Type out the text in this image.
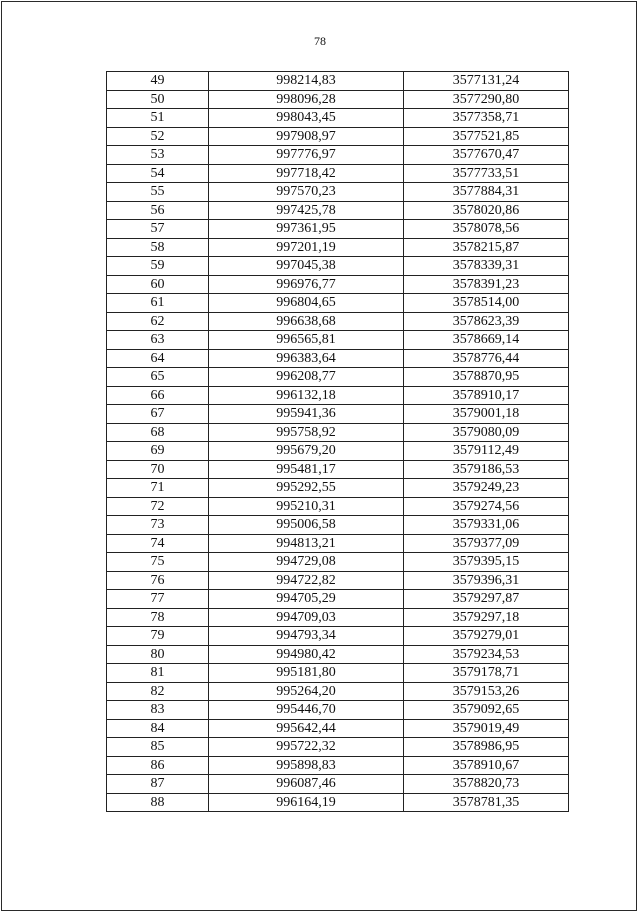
78
49	998214,83	3577131,24
50	998096,28	3577290,80
51	998043,45	3577358,71
52	997908,97	3577521,85
53	997776,97	3577670,47
54	997718,42	3577733,51
55	997570,23	3577884,31
56	997425,78	3578020,86
57	997361,95	3578078,56
58	997201,19	3578215,87
59	997045,38	3578339,31
60	996976,77	3578391,23
61	996804,65	3578514,00
62	996638,68	3578623,39
63	996565,81	3578669,14
64	996383,64	3578776,44
65	996208,77	3578870,95
66	996132,18	3578910,17
67	995941,36	3579001,18
68	995758,92	3579080,09
69	995679,20	3579112,49
70	995481,17	3579186,53
71	995292,55	3579249,23
72	995210,31	3579274,56
73	995006,58	3579331,06
74	994813,21	3579377,09
75	994729,08	3579395,15
76	994722,82	3579396,31
77	994705,29	3579297,87
78	994709,03	3579297,18
79	994793,34	3579279,01
80	994980,42	3579234,53
81	995181,80	3579178,71
82	995264,20	3579153,26
83	995446,70	3579092,65
84	995642,44	3579019,49
85	995722,32	3578986,95
86	995898,83	3578910,67
87	996087,46	3578820,73
88	996164,19	3578781,35
